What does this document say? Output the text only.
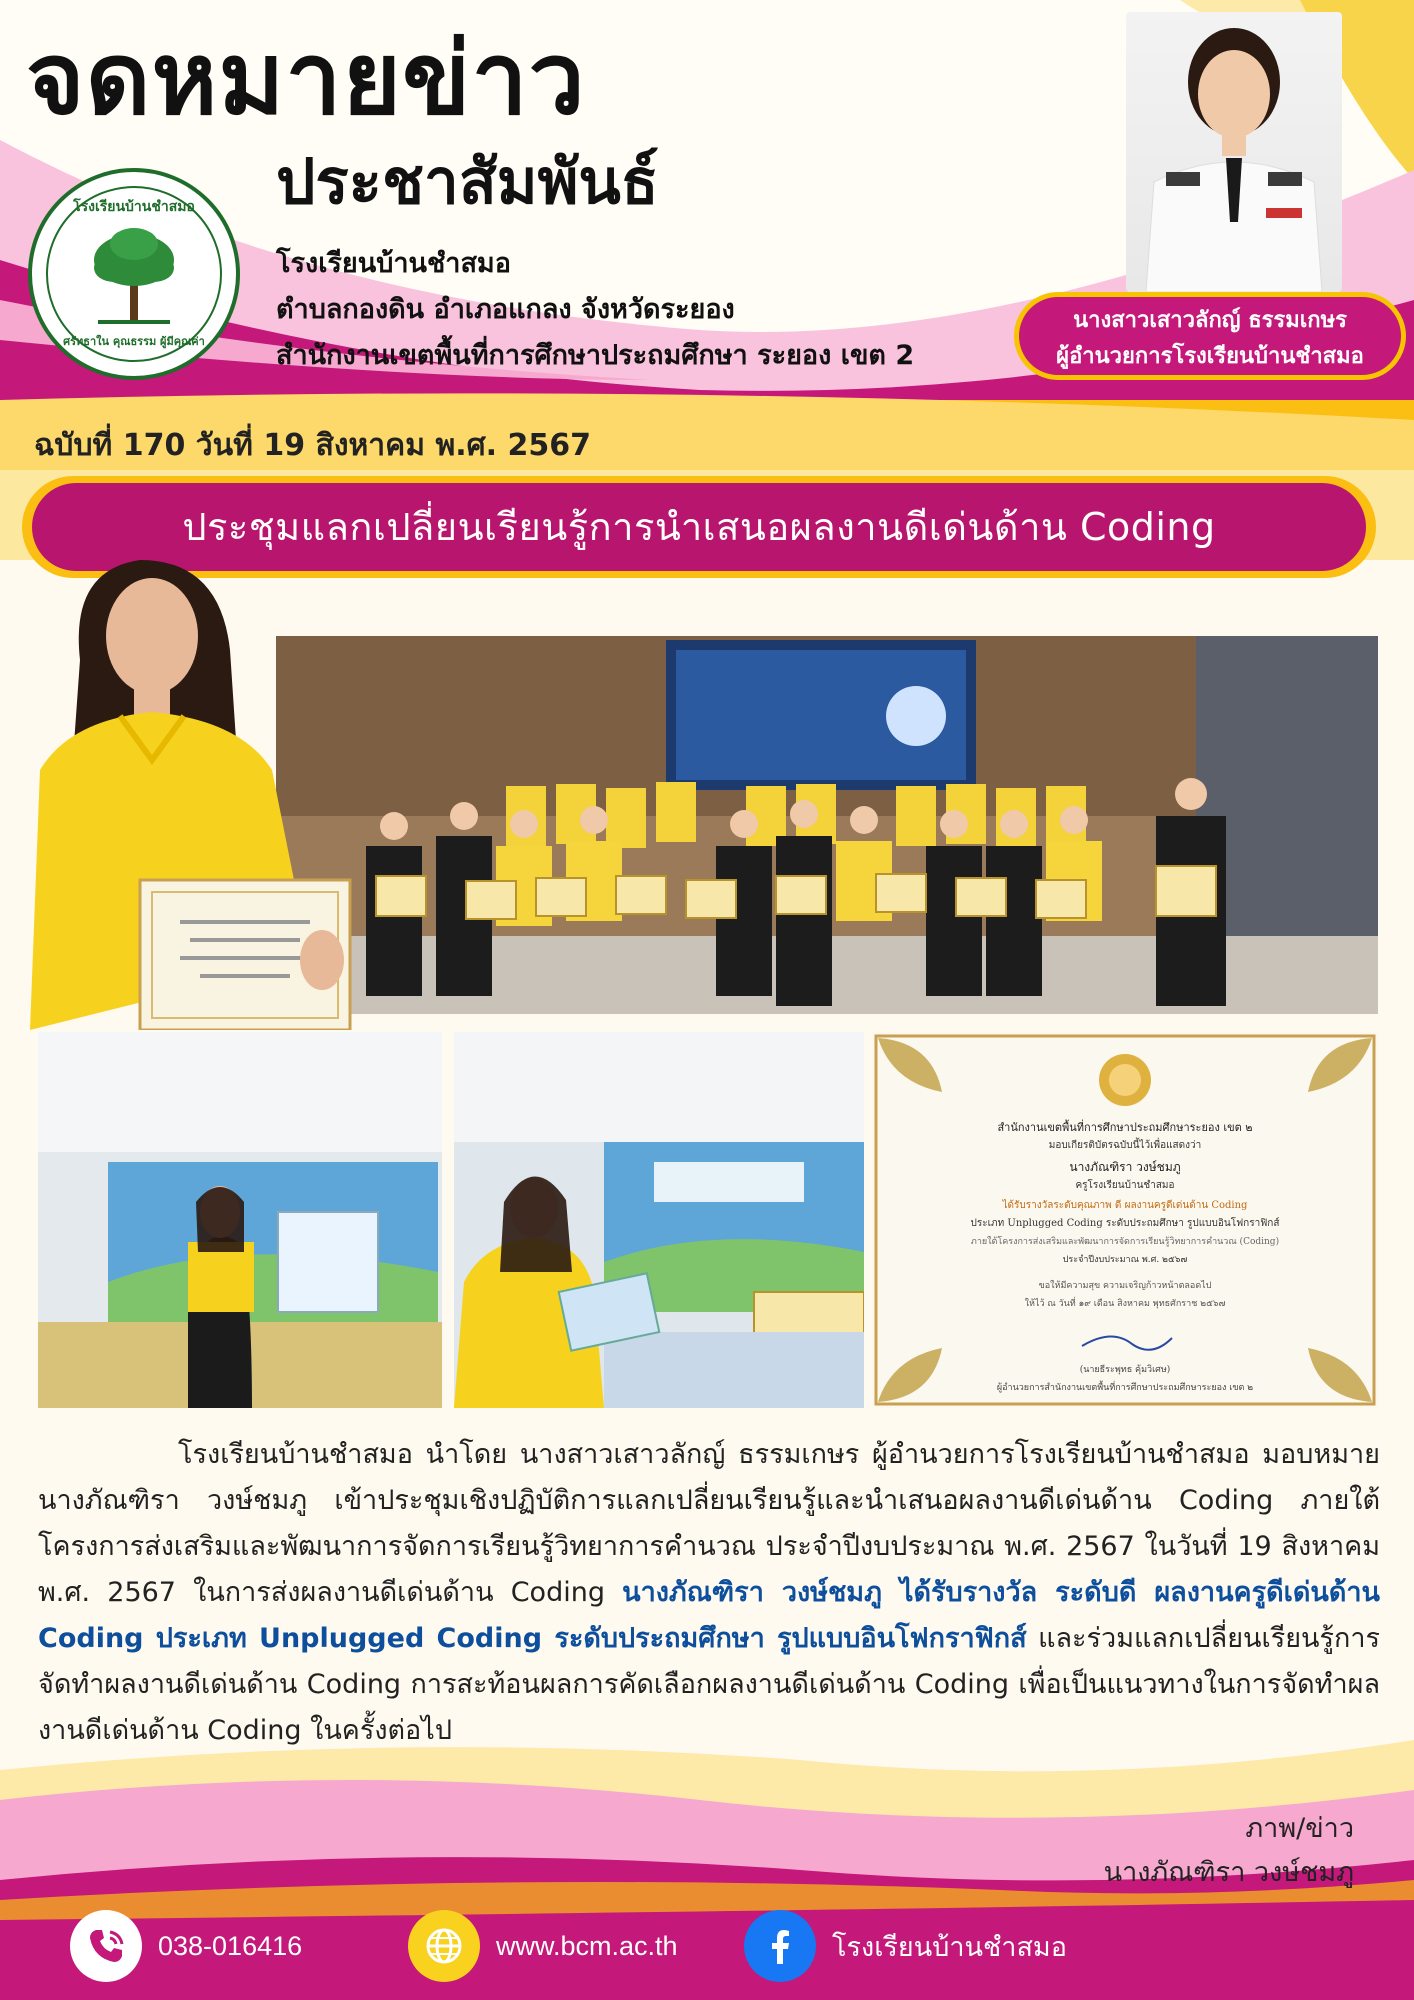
จดหมายข่าว
ประชาสัมพันธ์
โรงเรียนบ้านชำสมอ
ตำบลกองดิน อำเภอแกลง จังหวัดระยอง
สำนักงานเขตพื้นที่การศึกษาประถมศึกษา ระยอง เขต 2
ฉบับที่ 170 วันที่ 19 สิงหาคม พ.ศ. 2567
โรงเรียนบ้านชำสมอ
ศรัทธาใน คุณธรรม ผู้มีคุณค่า
นางสาวเสาวลักญ์ ธรรมเกษร
ผู้อำนวยการโรงเรียนบ้านชำสมอ
ประชุมแลกเปลี่ยนเรียนรู้การนำเสนอผลงานดีเด่นด้าน Coding
สำนักงานเขตพื้นที่การศึกษาประถมศึกษาระยอง เขต ๒
มอบเกียรติบัตรฉบับนี้ไว้เพื่อแสดงว่า
นางภัณฑิรา วงษ์ชมภู
ครูโรงเรียนบ้านชำสมอ
ได้รับรางวัลระดับคุณภาพ ดี ผลงานครูดีเด่นด้าน Coding
ประเภท Unplugged Coding ระดับประถมศึกษา รูปแบบอินโฟกราฟิกส์
ภายใต้โครงการส่งเสริมและพัฒนาการจัดการเรียนรู้วิทยาการคำนวณ (Coding)
ประจำปีงบประมาณ พ.ศ. ๒๕๖๗
ขอให้มีความสุข ความเจริญก้าวหน้าตลอดไป
ให้ไว้ ณ วันที่ ๑๙ เดือน สิงหาคม พุทธศักราช ๒๕๖๗
(นายธีระพุทธ คุ้มวิเศษ)
ผู้อำนวยการสำนักงานเขตพื้นที่การศึกษาประถมศึกษาระยอง เขต ๒
โรงเรียนบ้านชำสมอ นำโดย นางสาวเสาวลักญ์ ธรรมเกษร ผู้อำนวยการโรงเรียนบ้านชำสมอ มอบหมาย นางภัณฑิรา วงษ์ชมภู เข้าประชุมเชิงปฏิบัติการแลกเปลี่ยนเรียนรู้และนำเสนอผลงานดีเด่นด้าน Coding ภายใต้โครงการส่งเสริมและพัฒนาการจัดการเรียนรู้วิทยาการคำนวณ ประจำปีงบประมาณ พ.ศ. 2567 ในวันที่ 19 สิงหาคม พ.ศ. 2567 ในการส่งผลงานดีเด่นด้าน Coding นางภัณฑิรา วงษ์ชมภู ได้รับรางวัล ระดับดี ผลงานครูดีเด่นด้าน Coding ประเภท Unplugged Coding ระดับประถมศึกษา รูปแบบอินโฟกราฟิกส์ และร่วมแลกเปลี่ยนเรียนรู้การจัดทำผลงานดีเด่นด้าน Coding การสะท้อนผลการคัดเลือกผลงานดีเด่นด้าน Coding เพื่อเป็นแนวทางในการจัดทำผลงานดีเด่นด้าน Coding ในครั้งต่อไป
ภาพ/ข่าว
นางภัณฑิรา วงษ์ชมภู
038-016416	www.bcm.ac.th	โรงเรียนบ้านชำสมอ
